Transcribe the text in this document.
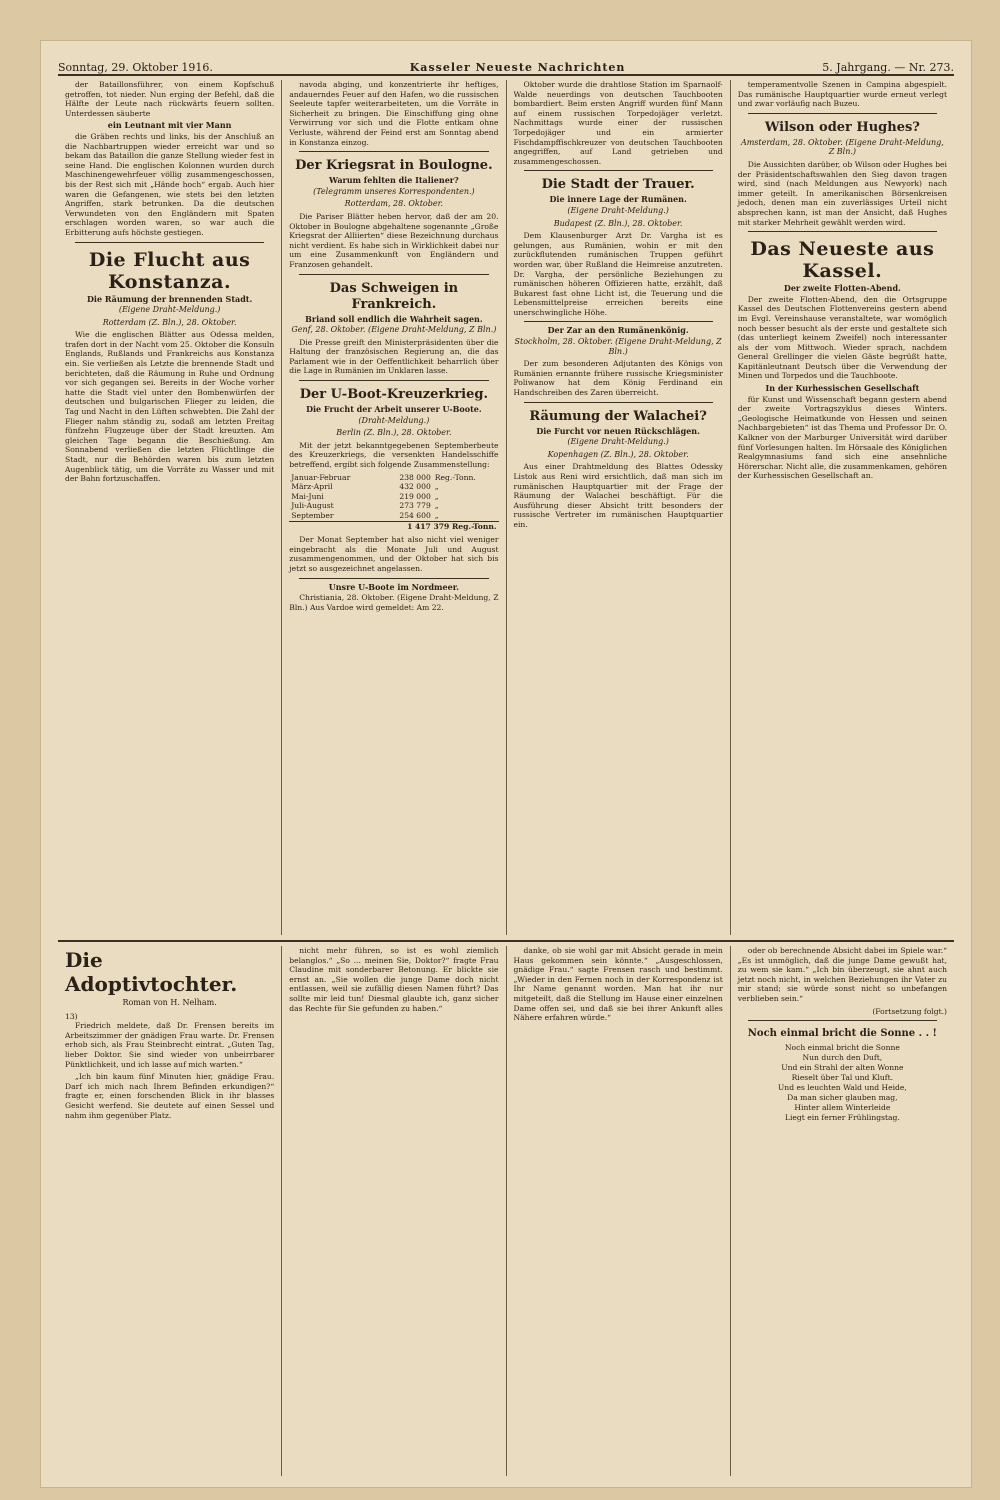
Sonntag, 29. Oktober 1916.	Kasseler Neueste Nachrichten	5. Jahrgang. — Nr. 273.

der Bataillonsführer, von einem Kopfschuß getroffen, tot nieder. Nun erging der Befehl, daß die Hälfte der Leute nach rückwärts feuern sollten. Unterdessen säuberte

ein Leutnant mit vier Mann

die Gräben rechts und links, bis der Anschluß an die Nachbartruppen wieder erreicht war und so bekam das Bataillon die ganze Stellung wieder fest in seine Hand. Die englischen Kolonnen wurden durch Maschinengewehrfeuer völlig zusammengeschossen, bis der Rest sich mit „Hände hoch“ ergab. Auch hier waren die Gefangenen, wie stets bei den letzten Angriffen, stark betrunken. Da die deutschen Verwundeten von den Engländern mit Spaten erschlagen worden waren, so war auch die Erbitterung aufs höchste gestiegen.

Die Flucht aus Konstanza.
Die Räumung der brennenden Stadt.
(Eigene Draht-Meldung.)
Rotterdam (Z. Bln.), 28. Oktober.

Wie die englischen Blätter aus Odessa melden, trafen dort in der Nacht vom 25. Oktober die Konsuln Englands, Rußlands und Frankreichs aus Konstanza ein. Sie verließen als Letzte die brennende Stadt und berichteten, daß die Räumung in Ruhe und Ordnung vor sich gegangen sei. Bereits in der Woche vorher hatte die Stadt viel unter den Bombenwürfen der deutschen und bulgarischen Flieger zu leiden, die Tag und Nacht in den Lüften schwebten. Die Zahl der Flieger nahm ständig zu, sodaß am letzten Freitag fünfzehn Flugzeuge über der Stadt kreuzten. Am gleichen Tage begann die Beschießung. Am Sonnabend verließen die letzten Flüchtlinge die Stadt, nur die Behörden waren bis zum letzten Augenblick tätig, um die Vorräte zu Wasser und mit der Bahn fortzuschaffen.

navoda abging, und konzentrierte ihr heftiges, andauerndes Feuer auf den Hafen, wo die russischen Seeleute tapfer weiterarbeiteten, um die Vorräte in Sicherheit zu bringen. Die Einschiffung ging ohne Verwirrung vor sich und die Flotte entkam ohne Verluste, während der Feind erst am Sonntag abend in Konstanza einzog.

Der Kriegsrat in Boulogne.
Warum fehlten die Italiener?
(Telegramm unseres Korrespondenten.)
Rotterdam, 28. Oktober.

Die Pariser Blätter heben hervor, daß der am 20. Oktober in Boulogne abgehaltene sogenannte „Große Kriegsrat der Alliierten“ diese Bezeichnung durchaus nicht verdient. Es habe sich in Wirklichkeit dabei nur um eine Zusammenkunft von Engländern und Franzosen gehandelt.

Das Schweigen in Frankreich.
Briand soll endlich die Wahrheit sagen.
Genf, 28. Oktober. (Eigene Draht-Meldung, Z Bln.)

Die Presse greift den Ministerpräsidenten über die Haltung der französischen Regierung an, die das Parlament wie in der Oeffentlichkeit beharrlich über die Lage in Rumänien im Unklaren lasse.

Der U-Boot-Kreuzerkrieg.
Die Frucht der Arbeit unserer U-Boote.
(Draht-Meldung.)
Berlin (Z. Bln.), 28. Oktober.

Mit der jetzt bekanntgegebenen Septemberbeute des Kreuzerkriegs, die versenkten Handelsschiffe betreffend, ergibt sich folgende Zusammenstellung:

Januar-Februar	238 000	Reg.-Tonn.
März-April	432 000	„
Mai-Juni	219 000	„
Juli-August	273 779	„
September	254 600	„
1 417 379 Reg.-Tonn.		

Der Monat September hat also nicht viel weniger eingebracht als die Monate Juli und August zusammengenommen, und der Oktober hat sich bis jetzt so ausgezeichnet angelassen.

Unsre U-Boote im Nordmeer.

Christiania, 28. Oktober. (Eigene Draht-Meldung, Z Bln.) Aus Vardoe wird gemeldet: Am 22.

Oktober wurde die drahtlose Station im Sparnaolf-Walde neuerdings von deutschen Tauchbooten bombardiert. Beim ersten Angriff wurden fünf Mann auf einem russischen Torpedojäger verletzt. Nachmittags wurde einer der russischen Torpedojäger und ein armierter Fischdampffischkreuzer von deutschen Tauchbooten angegriffen, auf Land getrieben und zusammengeschossen.

Die Stadt der Trauer.
Die innere Lage der Rumänen.
(Eigene Draht-Meldung.)
Budapest (Z. Bln.), 28. Oktober.

Dem Klausenburger Arzt Dr. Vargha ist es gelungen, aus Rumänien, wohin er mit den zurückflutenden rumänischen Truppen geführt worden war, über Rußland die Heimreise anzutreten. Dr. Vargha, der persönliche Beziehungen zu rumänischen höheren Offizieren hatte, erzählt, daß Bukarest fast ohne Licht ist, die Teuerung und die Lebensmittelpreise erreichen bereits eine unerschwingliche Höhe.

Der Zar an den Rumänenkönig.
Stockholm, 28. Oktober. (Eigene Draht-Meldung, Z Bln.)

Der zum besonderen Adjutanten des Königs von Rumänien ernannte frühere russische Kriegsminister Poliwanow hat dem König Ferdinand ein Handschreiben des Zaren überreicht.

Räumung der Walachei?
Die Furcht vor neuen Rückschlägen.
(Eigene Draht-Meldung.)
Kopenhagen (Z. Bln.), 28. Oktober.

Aus einer Drahtmeldung des Blattes Odessky Listok aus Reni wird ersichtlich, daß man sich im rumänischen Hauptquartier mit der Frage der Räumung der Walachei beschäftigt. Für die Ausführung dieser Absicht tritt besonders der russische Vertreter im rumänischen Hauptquartier ein.

temperamentvolle Szenen in Campina abgespielt. Das rumänische Hauptquartier wurde erneut verlegt und zwar vorläufig nach Buzeu.

Wilson oder Hughes?
Amsterdam, 28. Oktober. (Eigene Draht-Meldung, Z Bln.)

Die Aussichten darüber, ob Wilson oder Hughes bei der Präsidentschaftswahlen den Sieg davon tragen wird, sind (nach Meldungen aus Newyork) nach immer geteilt. In amerikanischen Börsenkreisen jedoch, denen man ein zuverlässiges Urteil nicht absprechen kann, ist man der Ansicht, daß Hughes mit starker Mehrheit gewählt werden wird.

Das Neueste aus Kassel.
Der zweite Flotten-Abend.

Der zweite Flotten-Abend, den die Ortsgruppe Kassel des Deutschen Flottenvereins gestern abend im Evgl. Vereinshause veranstaltete, war womöglich noch besser besucht als der erste und gestaltete sich (das unterliegt keinem Zweifel) noch interessanter als der vom Mittwoch. Wieder sprach, nachdem General Grellinger die vielen Gäste begrüßt hatte, Kapitänleutnant Deutsch über die Verwendung der Minen und Torpedos und die Tauchboote.

In der Kurhessischen Gesellschaft

für Kunst und Wissenschaft begann gestern abend der zweite Vortragszyklus dieses Winters. „Geologische Heimatkunde von Hessen und seinen Nachbargebieten“ ist das Thema und Professor Dr. O. Kalkner von der Marburger Universität wird darüber fünf Vorlesungen halten. Im Hörsaale des Königlichen Realgymnasiums fand sich eine ansehnliche Hörerschar. Nicht alle, die zusammenkamen, gehören der Kurhessischen Gesellschaft an.

Die Adoptivtochter.
Roman von H. Nelham.
13)

Friedrich meldete, daß Dr. Frensen bereits im Arbeitszimmer der gnädigen Frau warte. Dr. Frensen erhob sich, als Frau Steinbrecht eintrat. „Guten Tag, lieber Doktor. Sie sind wieder von unbeirrbarer Pünktlichkeit, und ich lasse auf mich warten.“

„Ich bin kaum fünf Minuten hier, gnädige Frau. Darf ich mich nach Ihrem Befinden erkundigen?“ fragte er, einen forschenden Blick in ihr blasses Gesicht werfend. Sie deutete auf einen Sessel und nahm ihm gegenüber Platz.

nicht mehr führen, so ist es wohl ziemlich belanglos.“ „So ... meinen Sie, Doktor?“ fragte Frau Claudine mit sonderbarer Betonung. Er blickte sie ernst an. „Sie wollen die junge Dame doch nicht entlassen, weil sie zufällig diesen Namen führt? Das sollte mir leid tun! Diesmal glaubte ich, ganz sicher das Rechte für Sie gefunden zu haben.“

danke, ob sie wohl gar mit Absicht gerade in mein Haus gekommen sein könnte.“ „Ausgeschlossen, gnädige Frau.“ sagte Frensen rasch und bestimmt. „Wieder in den Fernen noch in der Korrespondenz ist Ihr Name genannt worden. Man hat ihr nur mitgeteilt, daß die Stellung im Hause einer einzelnen Dame offen sei, und daß sie bei ihrer Ankunft alles Nähere erfahren würde.“

oder ob berechnende Absicht dabei im Spiele war.“ „Es ist unmöglich, daß die junge Dame gewußt hat, zu wem sie kam.“ „Ich bin überzeugt, sie ahnt auch jetzt noch nicht, in welchen Beziehungen ihr Vater zu mir stand; sie würde sonst nicht so unbefangen verblieben sein.“

(Fortsetzung folgt.)
Noch einmal bricht die Sonne . . !
Noch einmal bricht die Sonne
Nun durch den Duft,
Und ein Strahl der alten Wonne
Rieselt über Tal und Kluft.
Und es leuchten Wald und Heide,
Da man sicher glauben mag,
Hinter allem Winterleide
Liegt ein ferner Frühlingstag.
